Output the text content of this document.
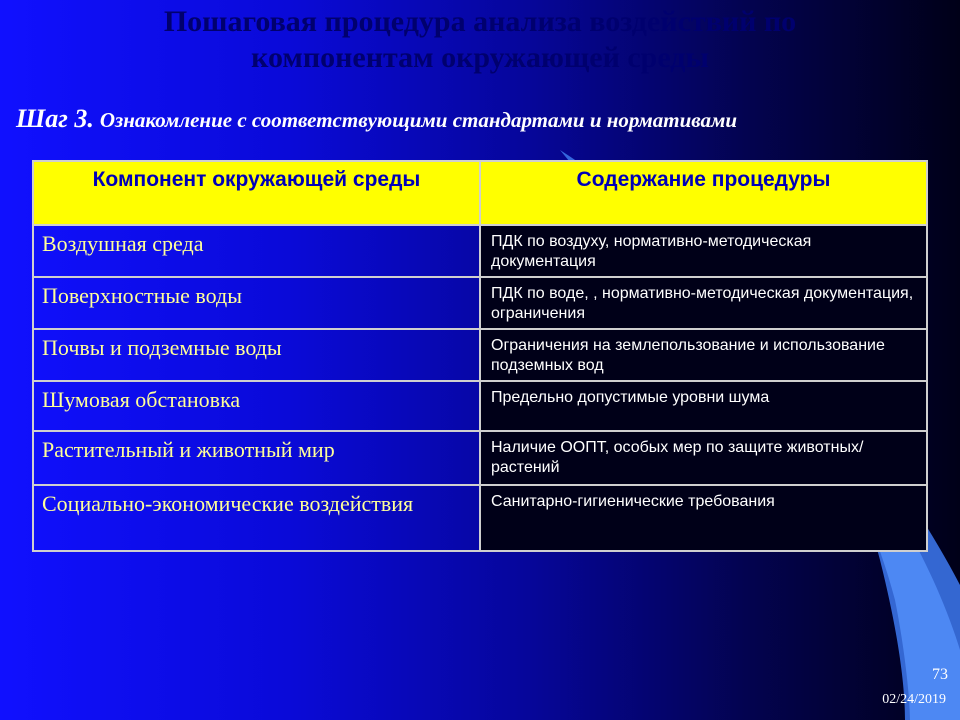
Пошаговая процедура анализа воздействий по компонентам окружающей среды

Шаг 3. Ознакомление с соответствующими стандартами и нормативами

Компонент окружающей среды	Содержание процедуры
Воздушная среда	ПДК по воздуху, нормативно-методическая документация
Поверхностные воды	ПДК по воде, , нормативно-методическая документация, ограничения
Почвы и подземные воды	Ограничения на землепользование и использование подземных вод
Шумовая обстановка	Предельно допустимые уровни шума
Растительный и животный мир	Наличие ООПТ, особых мер по защите животных/растений
Социально-экономические воздействия	Санитарно-гигиенические требования
73
02/24/2019
